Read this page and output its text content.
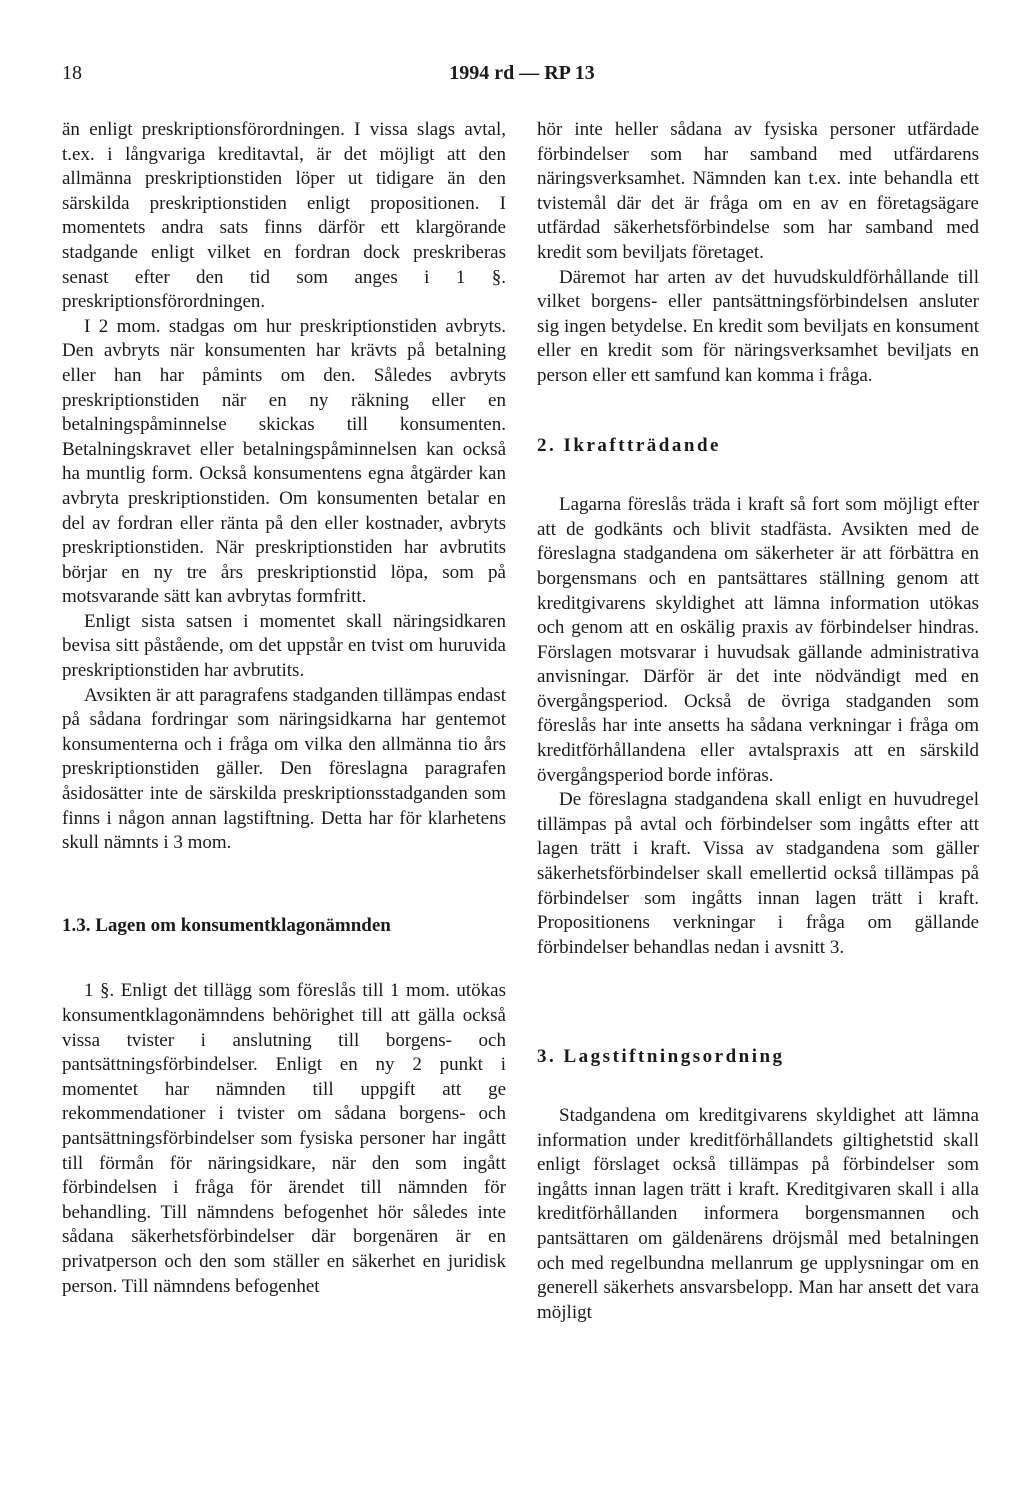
18	1994 rd — RP 13

än enligt preskriptionsförordningen. I vissa slags avtal, t.ex. i långvariga kreditavtal, är det möjligt att den allmänna preskriptionstiden löper ut tidigare än den särskilda preskriptionstiden enligt propositionen. I momentets andra sats finns därför ett klargörande stadgande enligt vilket en fordran dock preskriberas senast efter den tid som anges i 1 §. preskriptionsförordningen.

I 2 mom. stadgas om hur preskriptionstiden avbryts. Den avbryts när konsumenten har krävts på betalning eller han har påmints om den. Således avbryts preskriptionstiden när en ny räkning eller en betalningspåminnelse skickas till konsumenten. Betalningskravet eller betalningspåminnelsen kan också ha muntlig form. Också konsumentens egna åtgärder kan avbryta preskriptionstiden. Om konsumenten betalar en del av fordran eller ränta på den eller kostnader, avbryts preskriptionstiden. När preskriptionstiden har avbrutits börjar en ny tre års preskriptionstid löpa, som på motsvarande sätt kan avbrytas formfritt.

Enligt sista satsen i momentet skall näringsidkaren bevisa sitt påstående, om det uppstår en tvist om huruvida preskriptionstiden har avbrutits.

Avsikten är att paragrafens stadganden tillämpas endast på sådana fordringar som näringsidkarna har gentemot konsumenterna och i fråga om vilka den allmänna tio års preskriptionstiden gäller. Den föreslagna paragrafen åsidosätter inte de särskilda preskriptionsstadganden som finns i någon annan lagstiftning. Detta har för klarhetens skull nämnts i 3 mom.

1.3. Lagen om konsumentklagonämnden

1 §. Enligt det tillägg som föreslås till 1 mom. utökas konsumentklagonämndens behörighet till att gälla också vissa tvister i anslutning till borgens- och pantsättningsförbindelser. Enligt en ny 2 punkt i momentet har nämnden till uppgift att ge rekommendationer i tvister om sådana borgens- och pantsättningsförbindelser som fysiska personer har ingått till förmån för näringsidkare, när den som ingått förbindelsen i fråga för ärendet till nämnden för behandling. Till nämndens befogenhet hör således inte sådana säkerhetsförbindelser där borgenären är en privatperson och den som ställer en säkerhet en juridisk person. Till nämndens befogenhet

hör inte heller sådana av fysiska personer utfärdade förbindelser som har samband med utfärdarens näringsverksamhet. Nämnden kan t.ex. inte behandla ett tvistemål där det är fråga om en av en företagsägare utfärdad säkerhetsförbindelse som har samband med kredit som beviljats företaget.

Däremot har arten av det huvudskuldförhållande till vilket borgens- eller pantsättningsförbindelsen ansluter sig ingen betydelse. En kredit som beviljats en konsument eller en kredit som för näringsverksamhet beviljats en person eller ett samfund kan komma i fråga.

2. Ikraftträdande

Lagarna föreslås träda i kraft så fort som möjligt efter att de godkänts och blivit stadfästa. Avsikten med de föreslagna stadgandena om säkerheter är att förbättra en borgensmans och en pantsättares ställning genom att kreditgivarens skyldighet att lämna information utökas och genom att en oskälig praxis av förbindelser hindras. Förslagen motsvarar i huvudsak gällande administrativa anvisningar. Därför är det inte nödvändigt med en övergångsperiod. Också de övriga stadganden som föreslås har inte ansetts ha sådana verkningar i fråga om kreditförhållandena eller avtalspraxis att en särskild övergångsperiod borde införas.

De föreslagna stadgandena skall enligt en huvudregel tillämpas på avtal och förbindelser som ingåtts efter att lagen trätt i kraft. Vissa av stadgandena som gäller säkerhetsförbindelser skall emellertid också tillämpas på förbindelser som ingåtts innan lagen trätt i kraft. Propositionens verkningar i fråga om gällande förbindelser behandlas nedan i avsnitt 3.

3. Lagstiftningsordning

Stadgandena om kreditgivarens skyldighet att lämna information under kreditförhållandets giltighetstid skall enligt förslaget också tillämpas på förbindelser som ingåtts innan lagen trätt i kraft. Kreditgivaren skall i alla kreditförhållanden informera borgensmannen och pantsättaren om gäldenärens dröjsmål med betalningen och med regelbundna mellanrum ge upplysningar om en generell säkerhets ansvarsbelopp. Man har ansett det vara möjligt
